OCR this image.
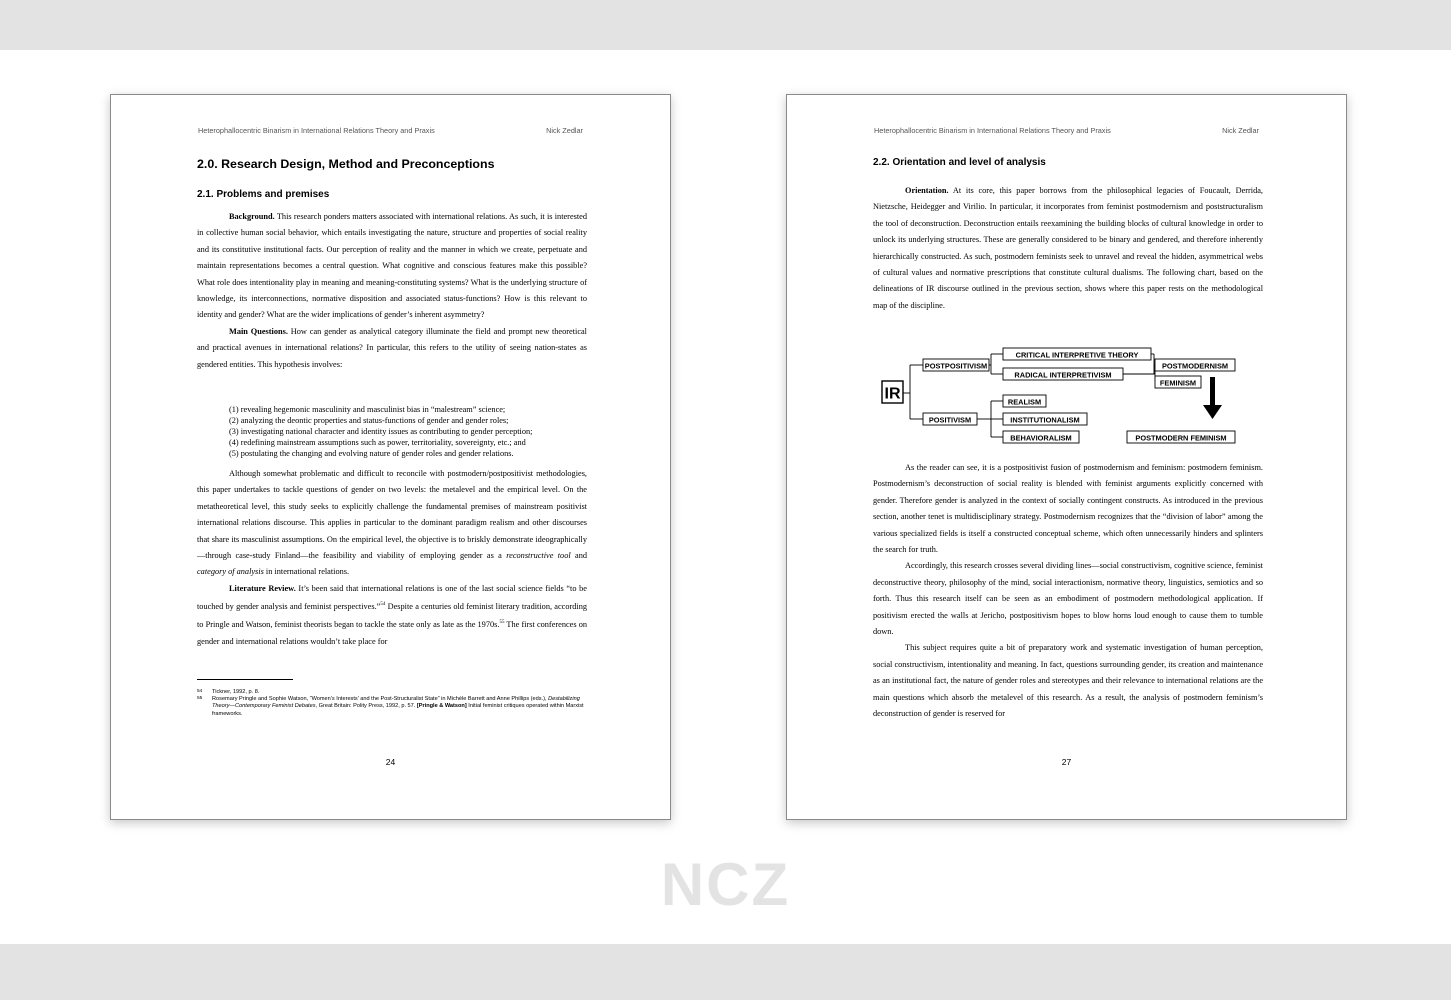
Heterophallocentric Binarism in International Relations Theory and Praxis	Nick Zedlar
2.0. Research Design, Method and Preconceptions
2.1. Problems and premises

Background. This research ponders matters associated with international relations. As such, it is interested in collective human social behavior, which entails investigating the nature, structure and properties of social reality and its constitutive institutional facts. Our perception of reality and the manner in which we create, perpetuate and maintain representations becomes a central question. What cognitive and conscious features make this possible? What role does intentionality play in meaning and meaning-constituting systems? What is the underlying structure of knowledge, its interconnections, normative disposition and associated status-functions? How is this relevant to identity and gender? What are the wider implications of gender’s inherent asymmetry?

Main Questions. How can gender as analytical category illuminate the field and prompt new theoretical and practical avenues in international relations? In particular, this refers to the utility of seeing nation-states as gendered entities. This hypothesis involves:

(1) revealing hegemonic masculinity and masculinist bias in “malestream” science;
(2) analyzing the deontic properties and status-functions of gender and gender roles;
(3) investigating national character and identity issues as contributing to gender perception;
(4) redefining mainstream assumptions such as power, territoriality, sovereignty, etc.; and
(5) postulating the changing and evolving nature of gender roles and gender relations.

Although somewhat problematic and difficult to reconcile with postmodern/postpositivist methodologies, this paper undertakes to tackle questions of gender on two levels: the metalevel and the empirical level. On the metatheoretical level, this study seeks to explicitly challenge the fundamental premises of mainstream positivist international relations discourse. This applies in particular to the dominant paradigm realism and other discourses that share its masculinist assumptions. On the empirical level, the objective is to briskly demonstrate ideographically—through case-study Finland—the feasibility and viability of employing gender as a reconstructive tool and category of analysis in international relations.

Literature Review. It’s been said that international relations is one of the last social science fields “to be touched by gender analysis and feminist perspectives.”$^{54}$ Despite a centuries old feminist literary tradition, according to Pringle and Watson, feminist theorists began to tackle the state only as late as the 1970s.$^{55}$ The first conferences on gender and international relations wouldn’t take place for

54 Tickner, 1992, p. 8.
55 Rosemary Pringle and Sophie Watson, “Women’s Interests’ and the Post-Structuralist State” in Michèle Barrett and Anne Phillips (eds.), Destabilizing Theory—Contemporary Feminist Debates, Great Britain: Polity Press, 1992, p. 57. [Pringle & Watson] Initial feminist critiques operated within Marxist frameworks.
24
Heterophallocentric Binarism in International Relations Theory and Praxis	Nick Zedlar
2.2. Orientation and level of analysis

Orientation. At its core, this paper borrows from the philosophical legacies of Foucault, Derrida, Nietzsche, Heidegger and Virilio. In particular, it incorporates from feminist postmodernism and poststructuralism the tool of deconstruction. Deconstruction entails reexamining the building blocks of cultural knowledge in order to unlock its underlying structures. These are generally considered to be binary and gendered, and therefore inherently hierarchically constructed. As such, postmodern feminists seek to unravel and reveal the hidden, asymmetrical webs of cultural values and normative prescriptions that constitute cultural dualisms. The following chart, based on the delineations of IR discourse outlined in the previous section, shows where this paper rests on the methodological map of the discipline.

IR
POSTPOSITIVISM
POSITIVISM
CRITICAL INTERPRETIVE THEORY
RADICAL INTERPRETIVISM
POSTMODERNISM
FEMINISM
REALISM
INSTITUTIONALISM
BEHAVIORALISM	POSTMODERN FEMINISM

As the reader can see, it is a postpositivist fusion of postmodernism and feminism: postmodern feminism. Postmodernism’s deconstruction of social reality is blended with feminist arguments explicitly concerned with gender. Therefore gender is analyzed in the context of socially contingent constructs. As introduced in the previous section, another tenet is multidisciplinary strategy. Postmodernism recognizes that the “division of labor” among the various specialized fields is itself a constructed conceptual scheme, which often unnecessarily hinders and splinters the search for truth.

Accordingly, this research crosses several dividing lines—social constructivism, cognitive science, feminist deconstructive theory, philosophy of the mind, social interactionism, normative theory, linguistics, semiotics and so forth. Thus this research itself can be seen as an embodiment of postmodern methodological application. If positivism erected the walls at Jericho, postpositivism hopes to blow horns loud enough to cause them to tumble down.

This subject requires quite a bit of preparatory work and systematic investigation of human perception, social constructivism, intentionality and meaning. In fact, questions surrounding gender, its creation and maintenance as an institutional fact, the nature of gender roles and stereotypes and their relevance to international relations are the main questions which absorb the metalevel of this research. As a result, the analysis of postmodern feminism’s deconstruction of gender is reserved for

27
NCZ
